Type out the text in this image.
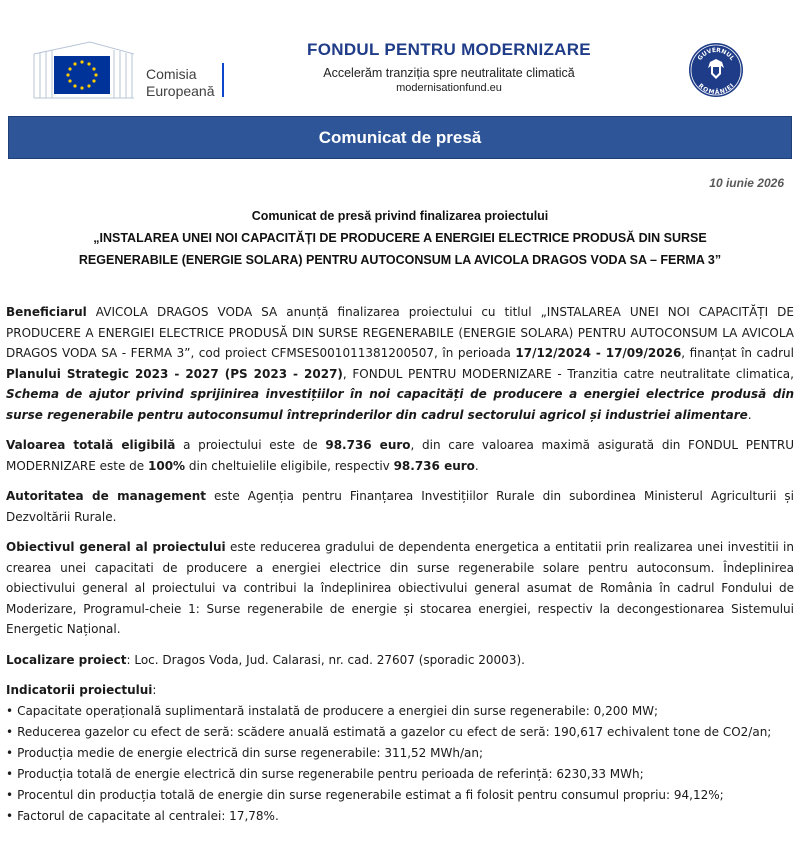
Comisia
Europeană
FONDUL PENTRU MODERNIZARE
Accelerăm tranziția spre neutralitate climatică
modernisationfund.eu
GUVERNUL
ROMÂNIEI
Comunicat de presă
10 iunie 2026
Comunicat de presă privind finalizarea proiectului
„INSTALAREA UNEI NOI CAPACITĂȚI DE PRODUCERE A ENERGIEI ELECTRICE PRODUSĂ DIN SURSE
REGENERABILE (ENERGIE SOLARA) PENTRU AUTOCONSUM LA AVICOLA DRAGOS VODA SA – FERMA 3”

Beneficiarul AVICOLA DRAGOS VODA SA anunță finalizarea proiectului cu titlul „INSTALAREA UNEI NOI CAPACITĂȚI DE PRODUCERE A ENERGIEI ELECTRICE PRODUSĂ DIN SURSE REGENERABILE (ENERGIE SOLARA) PENTRU AUTOCONSUM LA AVICOLA DRAGOS VODA SA - FERMA 3”, cod proiect CFMSES001011381200507, în perioada 17/12/2024 - 17/09/2026, finanțat în cadrul Planului Strategic 2023 - 2027 (PS 2023 - 2027), FONDUL PENTRU MODERNIZARE - Tranzitia catre neutralitate climatica, Schema de ajutor privind sprijinirea investițiilor în noi capacități de producere a energiei electrice produsă din surse regenerabile pentru autoconsumul întreprinderilor din cadrul sectorului agricol și industriei alimentare.

Valoarea totală eligibilă a proiectului este de 98.736 euro, din care valoarea maximă asigurată din FONDUL PENTRU MODERNIZARE este de 100% din cheltuielile eligibile, respectiv 98.736 euro.

Autoritatea de management este Agenția pentru Finanțarea Investițiilor Rurale din subordinea Ministerul Agriculturii și Dezvoltării Rurale.

Obiectivul general al proiectului este reducerea gradului de dependenta energetica a entitatii prin realizarea unei investitii in crearea unei capacitati de producere a energiei electrice din surse regenerabile solare pentru autoconsum. Îndeplinirea obiectivului general al proiectului va contribui la îndeplinirea obiectivului general asumat de România în cadrul Fondului de Moderizare, Programul-cheie 1: Surse regenerabile de energie și stocarea energiei, respectiv la decongestionarea Sistemului Energetic Național.

Localizare proiect: Loc. Dragos Voda, Jud. Calarasi, nr. cad. 27607 (sporadic 20003).

Indicatorii proiectului:

• Capacitate operațională suplimentară instalată de producere a energiei din surse regenerabile: 0,200 MW;
• Reducerea gazelor cu efect de seră: scădere anuală estimată a gazelor cu efect de seră: 190,617 echivalent tone de CO2/an;
• Producția medie de energie electrică din surse regenerabile: 311,52 MWh/an;
• Producția totală de energie electrică din surse regenerabile pentru perioada de referință: 6230,33 MWh;
• Procentul din producția totală de energie din surse regenerabile estimat a fi folosit pentru consumul propriu: 94,12%;
• Factorul de capacitate al centralei: 17,78%.
